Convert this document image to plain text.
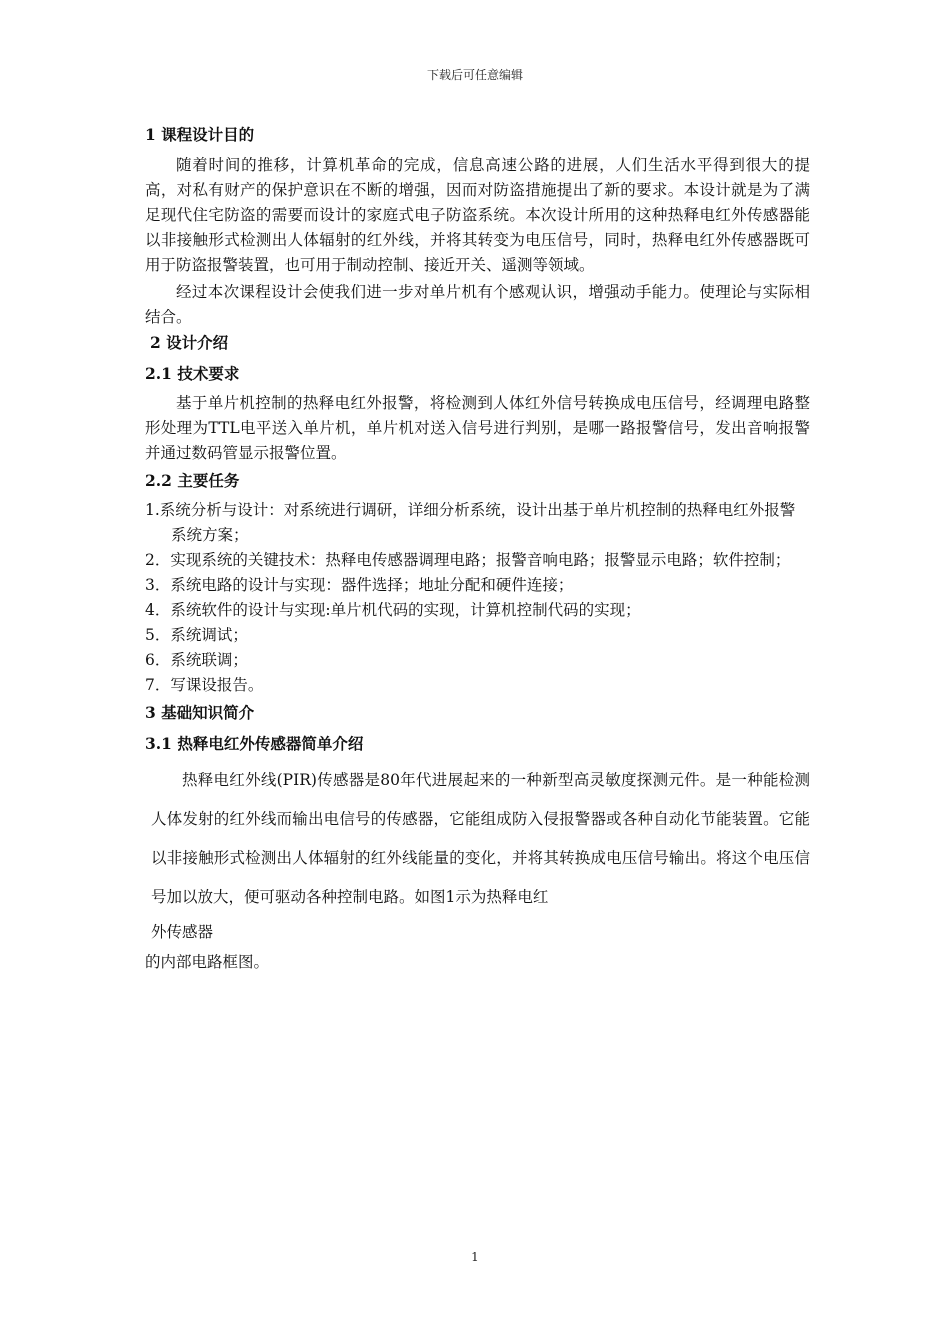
下载后可任意编辑
1 课程设计目的

随着时间的推移，计算机革命的完成，信息高速公路的进展，人们生活水平得到很大的提高，对私有财产的保护意识在不断的增强，因而对防盗措施提出了新的要求。本设计就是为了满足现代住宅防盗的需要而设计的家庭式电子防盗系统。本次设计所用的这种热释电红外传感器能以非接触形式检测出人体辐射的红外线，并将其转变为电压信号，同时，热释电红外传感器既可用于防盗报警装置，也可用于制动控制、接近开关、遥测等领域。

经过本次课程设计会使我们进一步对单片机有个感观认识，增强动手能力。使理论与实际相结合。

2 设计介绍
2.1 技术要求

基于单片机控制的热释电红外报警，将检测到人体红外信号转换成电压信号，经调理电路整形处理为TTL电平送入单片机，单片机对送入信号进行判别，是哪一路报警信号，发出音响报警并通过数码管显示报警位置。

2.2 主要任务
1.系统分析与设计：对系统进行调研，详细分析系统，设计出基于单片机控制的热释电红外报警系统方案；
2．实现系统的关键技术：热释电传感器调理电路；报警音响电路；报警显示电路；软件控制；
3．系统电路的设计与实现：器件选择；地址分配和硬件连接；
4．系统软件的设计与实现:单片机代码的实现，计算机控制代码的实现；
5．系统调试；
6．系统联调；
7．写课设报告。
3 基础知识简介
3.1 热释电红外传感器简单介绍

热释电红外线(PIR)传感器是80年代进展起来的一种新型高灵敏度探测元件。是一种能检测人体发射的红外线而输出电信号的传感器，它能组成防入侵报警器或各种自动化节能装置。它能以非接触形式检测出人体辐射的红外线能量的变化，并将其转换成电压信号输出。将这个电压信号加以放大，便可驱动各种控制电路。如图1示为热释电红

外传感器

的内部电路框图。

1
